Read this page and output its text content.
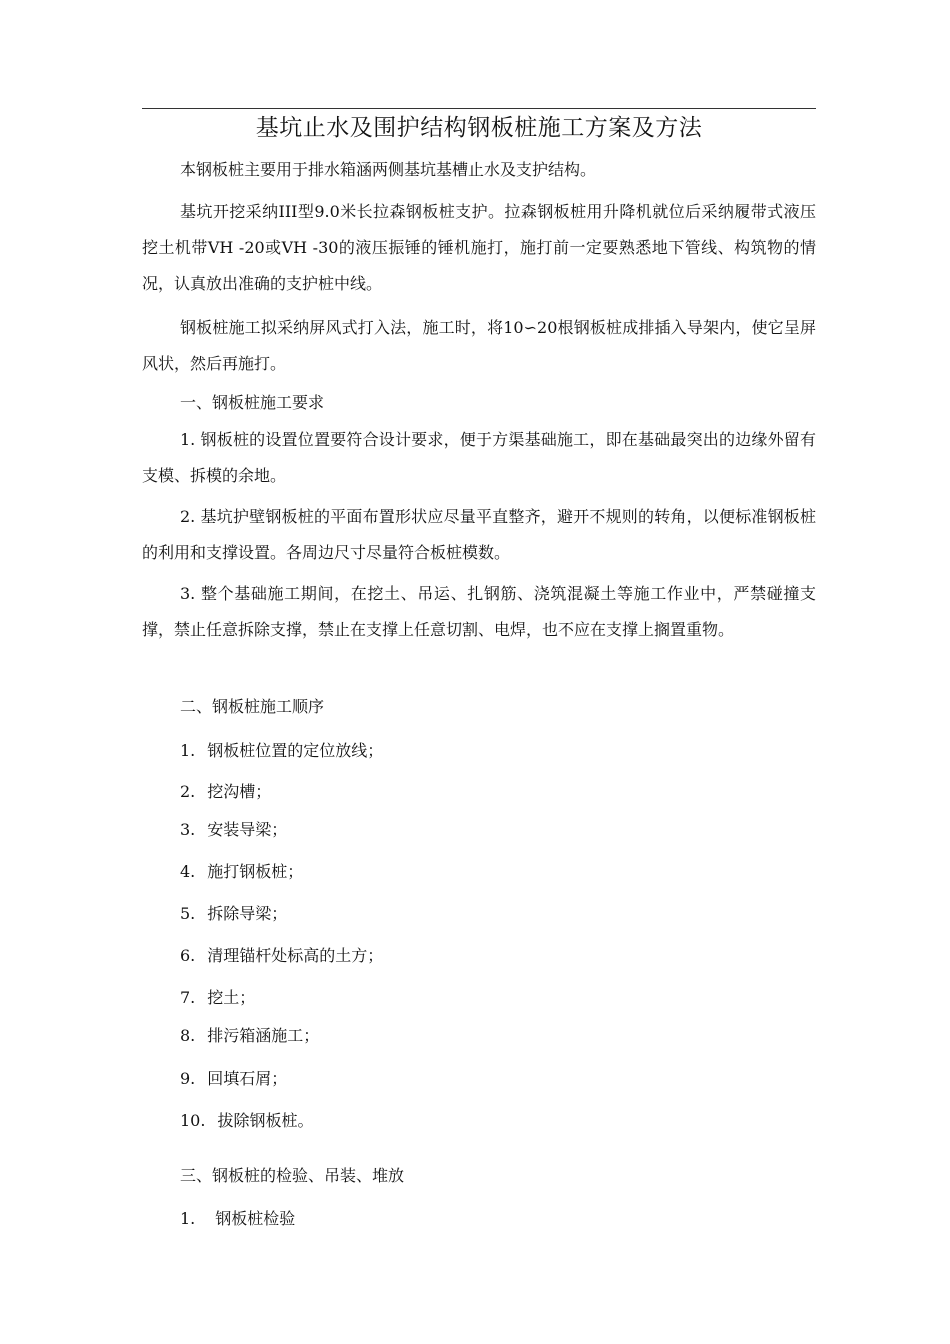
基坑止水及围护结构钢板桩施工方案及方法
本钢板桩主要用于排水箱涵两侧基坑基槽止水及支护结构。
基坑开挖采纳III型9.0米长拉森钢板桩支护。拉森钢板桩用升降机就位后采纳履带式液压挖土机带VH -20或VH -30的液压振锤的锤机施打，施打前一定要熟悉地下管线、构筑物的情况，认真放出准确的支护桩中线。
钢板桩施工拟采纳屏风式打入法，施工时，将10∽20根钢板桩成排插入导架内，使它呈屏风状，然后再施打。
一、钢板桩施工要求
1. 钢板桩的设置位置要符合设计要求，便于方渠基础施工，即在基础最突出的边缘外留有支模、拆模的余地。
2. 基坑护壁钢板桩的平面布置形状应尽量平直整齐，避开不规则的转角，以便标准钢板桩的利用和支撑设置。各周边尺寸尽量符合板桩模数。
3. 整个基础施工期间，在挖土、吊运、扎钢筋、浇筑混凝土等施工作业中，严禁碰撞支撑，禁止任意拆除支撑，禁止在支撑上任意切割、电焊，也不应在支撑上搁置重物。
二、钢板桩施工顺序
1. 钢板桩位置的定位放线；
2. 挖沟槽；
3. 安装导梁；
4. 施打钢板桩；
5. 拆除导梁；
6. 清理锚杆处标高的土方；
7. 挖土；
8. 排污箱涵施工；
9. 回填石屑；
10. 拔除钢板桩。
三、钢板桩的检验、吊装、堆放
1. 钢板桩检验
